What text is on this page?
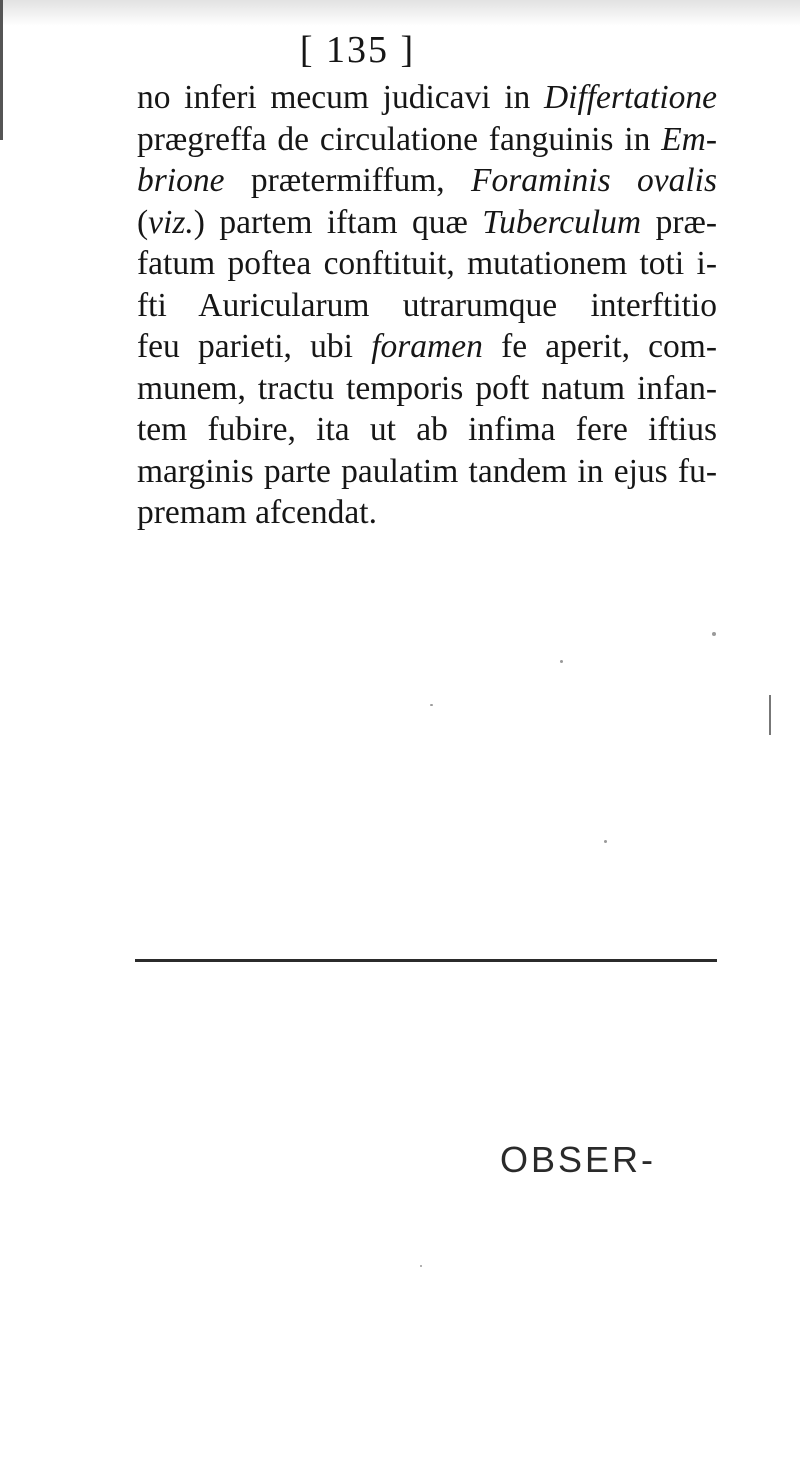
[ 135 ]
no inferi mecum judicavi in Differtatione
prægreffa de circulatione fanguinis in Em-
brione prætermiffum, Foraminis ovalis
(viz.) partem iftam quæ Tuberculum præ-
fatum poftea conftituit, mutationem toti i-
fti Auricularum utrarumque interftitio
feu parieti, ubi foramen fe aperit, com-
munem, tractu temporis poft natum infan-
tem fubire, ita ut ab infima fere iftius
marginis parte paulatim tandem in ejus fu-
premam afcendat.
OBSER-
